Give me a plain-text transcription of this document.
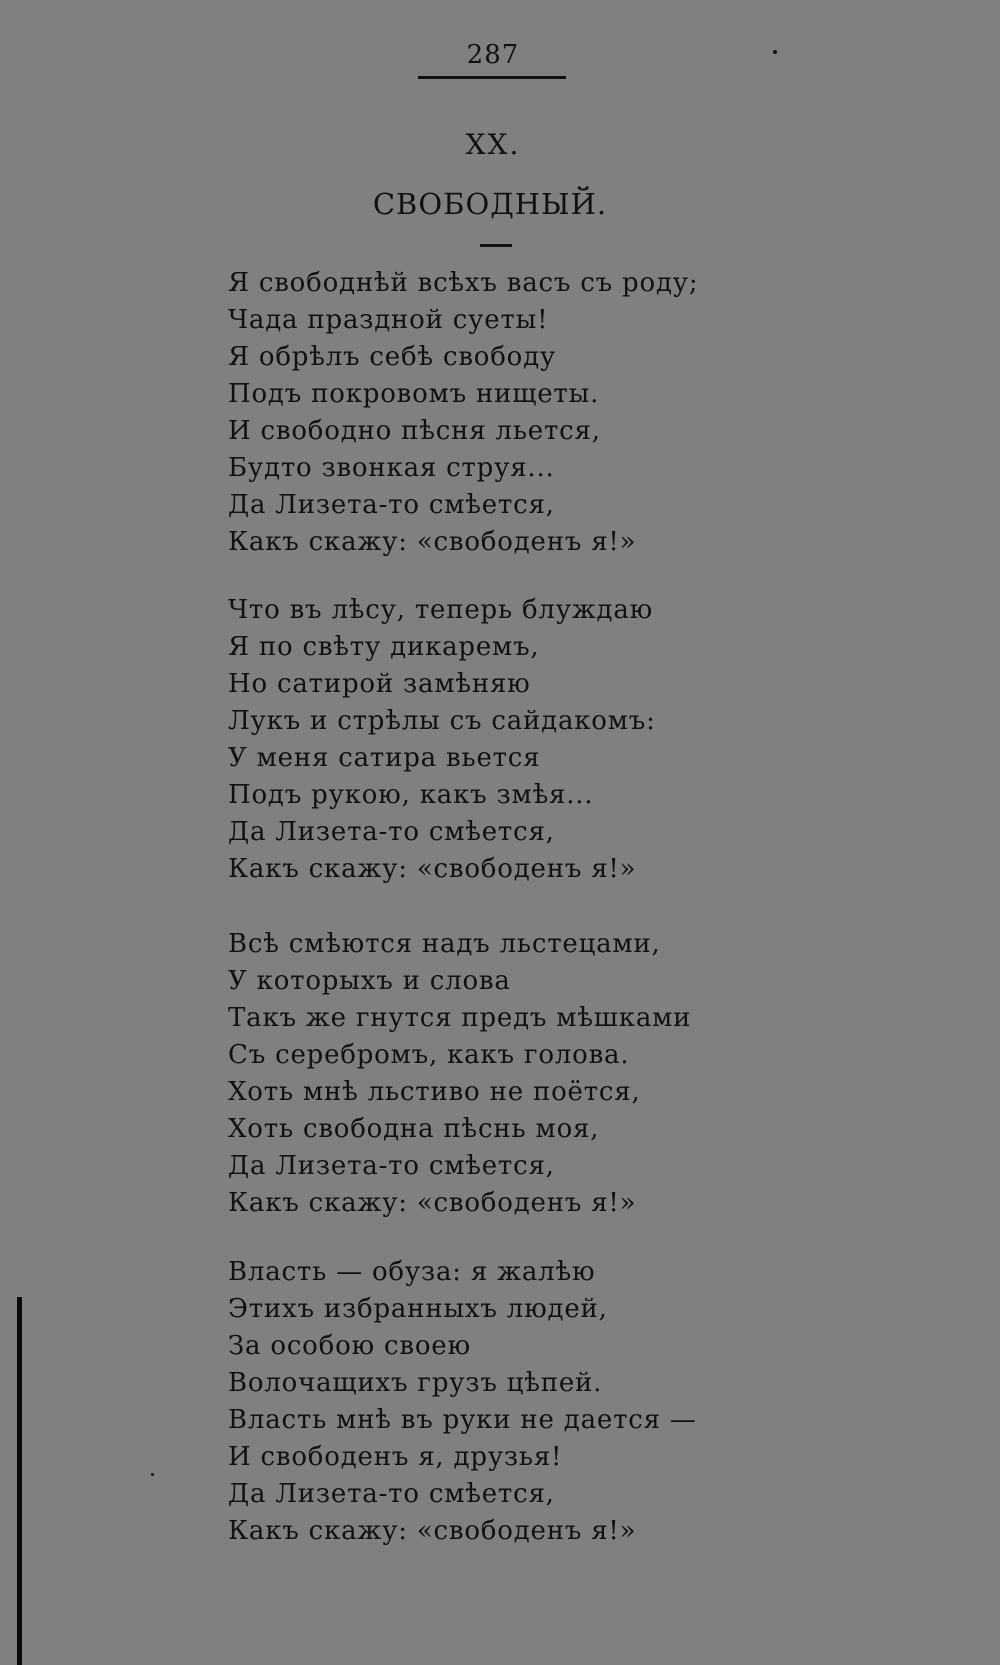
287
XX.
СВОБОДНЫЙ.
Я свободнѣй всѣхъ васъ съ роду;
Чада праздной суеты!
Я обрѣлъ себѣ свободу
Подъ покровомъ нищеты.
И свободно пѣсня льется,
Будто звонкая струя...
Да Лизета-то смѣется,
Какъ скажу: «свободенъ я!»
Что въ лѣсу, теперь блуждаю
Я по свѣту дикаремъ,
Но сатирой замѣняю
Лукъ и стрѣлы съ сайдакомъ:
У меня сатира вьется
Подъ рукою, какъ змѣя...
Да Лизета-то смѣется,
Какъ скажу: «свободенъ я!»
Всѣ смѣются надъ льстецами,
У которыхъ и слова
Такъ же гнутся предъ мѣшками
Съ серебромъ, какъ голова.
Хоть мнѣ льстиво не поётся,
Хоть свободна пѣснь моя,
Да Лизета-то смѣется,
Какъ скажу: «свободенъ я!»
Власть — обуза: я жалѣю
Этихъ избранныхъ людей,
За особою своею
Волочащихъ грузъ цѣпей.
Власть мнѣ въ руки не дается —
И свободенъ я, друзья!
Да Лизета-то смѣется,
Какъ скажу: «свободенъ я!»
